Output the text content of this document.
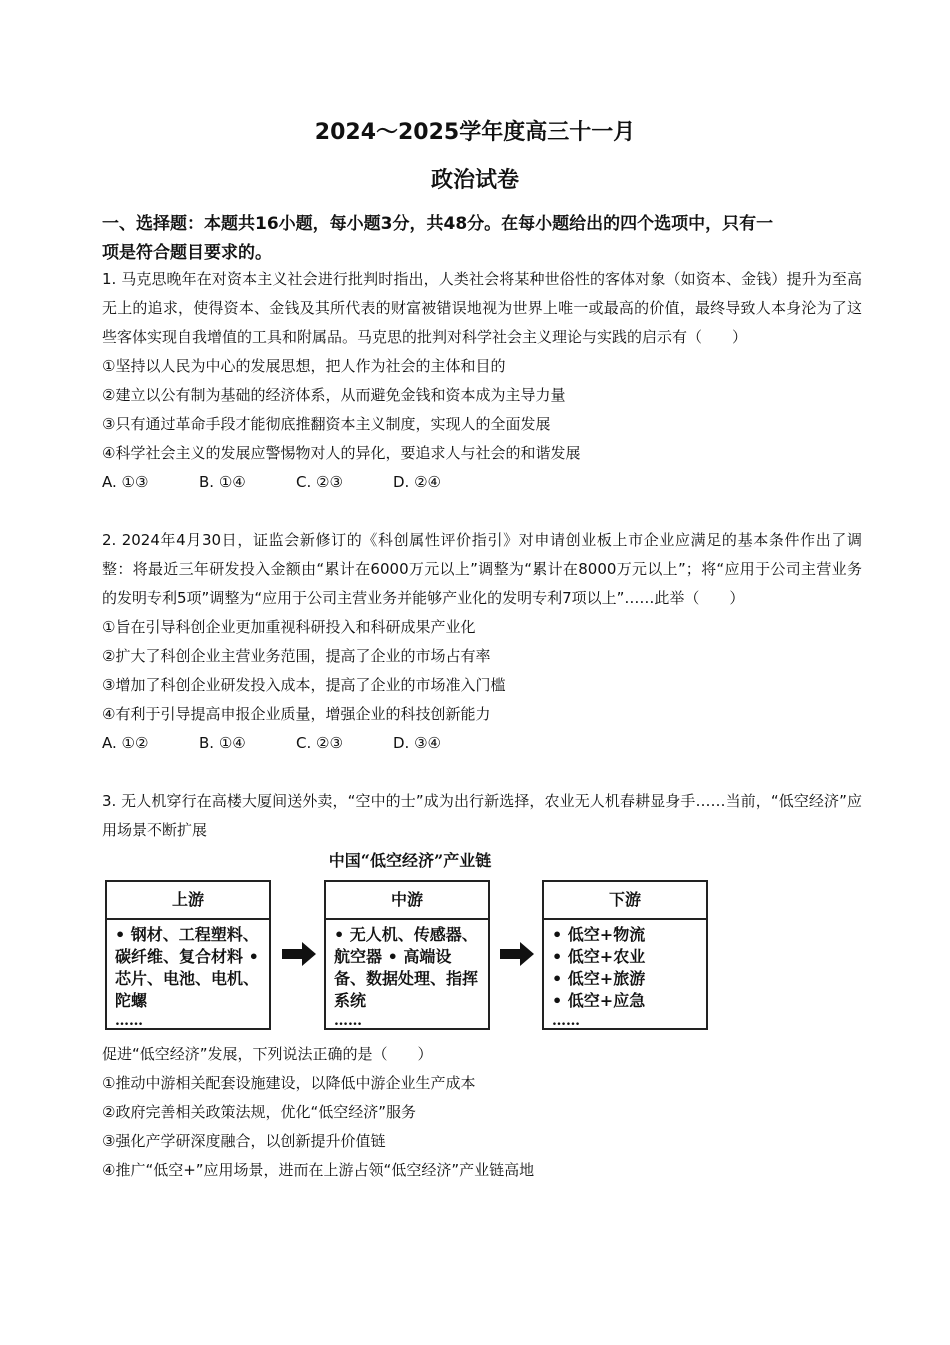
2024～2025学年度高三十一月
政治试卷
一、选择题：本题共16小题，每小题3分，共48分。在每小题给出的四个选项中，只有一
项是符合题目要求的。
1. 马克思晚年在对资本主义社会进行批判时指出，人类社会将某种世俗性的客体对象（如资本、金钱）提升为至高无上的追求，使得资本、金钱及其所代表的财富被错误地视为世界上唯一或最高的价值，最终导致人本身沦为了这些客体实现自我增值的工具和附属品。马克思的批判对科学社会主义理论与实践的启示有（　　）
①坚持以人民为中心的发展思想，把人作为社会的主体和目的
②建立以公有制为基础的经济体系，从而避免金钱和资本成为主导力量
③只有通过革命手段才能彻底推翻资本主义制度，实现人的全面发展
④科学社会主义的发展应警惕物对人的异化，要追求人与社会的和谐发展
A. ①③	B. ①④	C. ②③	D. ②④
2. 2024年4月30日，证监会新修订的《科创属性评价指引》对申请创业板上市企业应满足的基本条件作出了调整：将最近三年研发投入金额由“累计在6000万元以上”调整为“累计在8000万元以上”；将“应用于公司主营业务的发明专利5项”调整为“应用于公司主营业务并能够产业化的发明专利7项以上”……此举（　　）
①旨在引导科创企业更加重视科研投入和科研成果产业化
②扩大了科创企业主营业务范围，提高了企业的市场占有率
③增加了科创企业研发投入成本，提高了企业的市场准入门槛
④有利于引导提高申报企业质量，增强企业的科技创新能力
A. ①②	B. ①④	C. ②③	D. ③④
3. 无人机穿行在高楼大厦间送外卖，“空中的士”成为出行新选择，农业无人机春耕显身手……当前，“低空经济”应用场景不断扩展
中国“低空经济”产业链
上游
• 钢材、工程塑料、碳纤维、复合材料 • 芯片、电池、电机、陀螺
……
中游
• 无人机、传感器、航空器 • 高端设备、数据处理、指挥系统
……
下游
• 低空+物流
• 低空+农业
• 低空+旅游
• 低空+应急
……
促进“低空经济”发展，下列说法正确的是（　　）
①推动中游相关配套设施建设，以降低中游企业生产成本
②政府完善相关政策法规，优化“低空经济”服务
③强化产学研深度融合，以创新提升价值链
④推广“低空+”应用场景，进而在上游占领“低空经济”产业链高地
